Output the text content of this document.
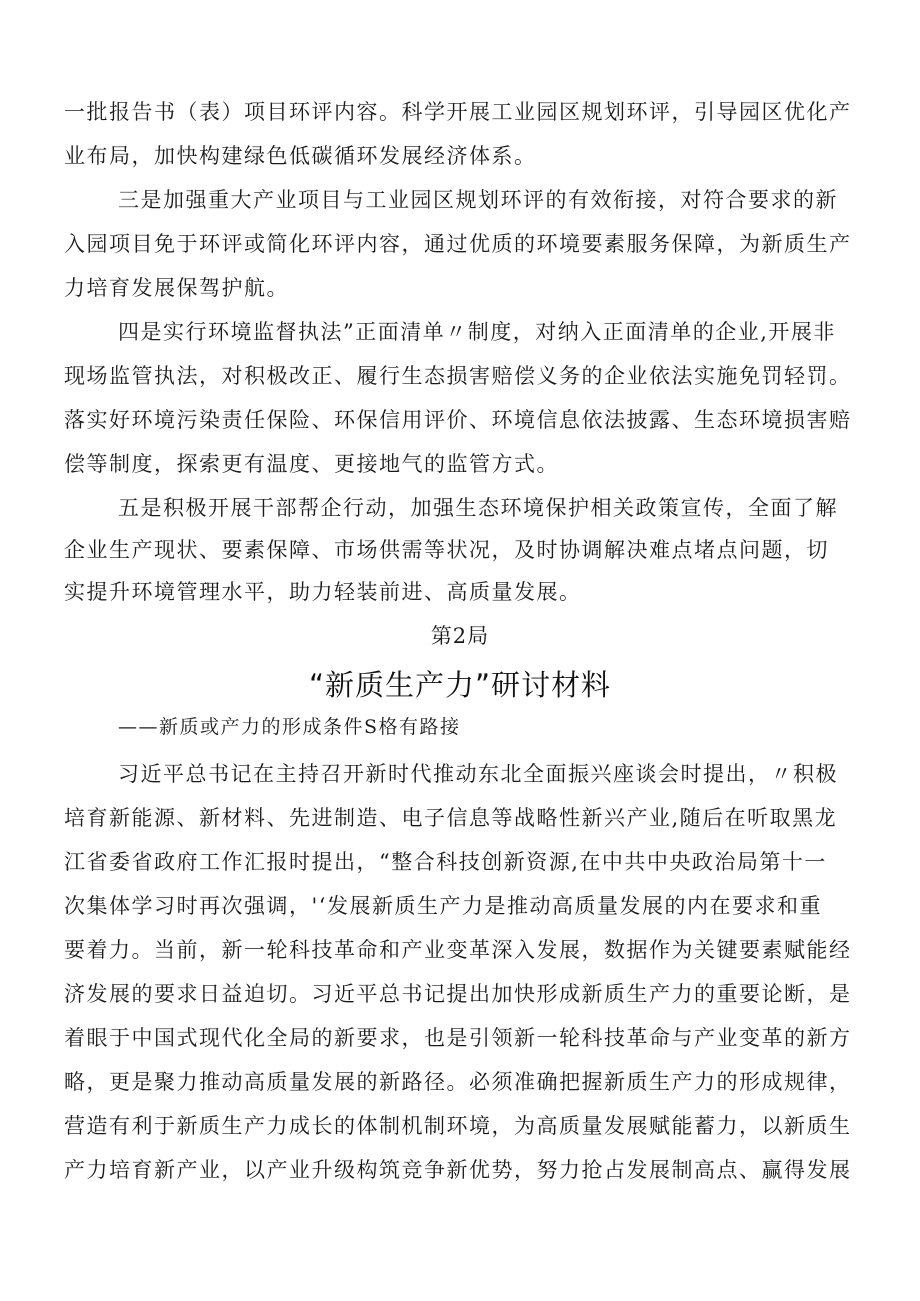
一批报告书（表）项目环评内容。科学开展工业园区规划环评，引导园区优化产
业布局，加快构建绿色低碳循环发展经济体系。
三是加强重大产业项目与工业园区规划环评的有效衔接，对符合要求的新
入园项目免于环评或简化环评内容，通过优质的环境要素服务保障，为新质生产
力培育发展保驾护航。
四是实行环境监督执法”正面清单〃制度，对纳入正面清单的企业,开展非
现场监管执法，对积极改正、履行生态损害赔偿义务的企业依法实施免罚轻罚。
落实好环境污染责任保险、环保信用评价、环境信息依法披露、生态环境损害赔
偿等制度，探索更有温度、更接地气的监管方式。
五是积极开展干部帮企行动，加强生态环境保护相关政策宣传，全面了解
企业生产现状、要素保障、市场供需等状况，及时协调解决难点堵点问题，切
实提升环境管理水平，助力轻装前进、高质量发展。
第2局
“新质生产力”研讨材料
——新质或产力的形成条件S格有路接
习近平总书记在主持召开新时代推动东北全面振兴座谈会时提出，〃积极
培育新能源、新材料、先进制造、电子信息等战略性新兴产业,随后在听取黑龙
江省委省政府工作汇报时提出，“整合科技创新资源,在中共中央政治局第十一
次集体学习时再次强调，'‘发展新质生产力是推动高质量发展的内在要求和重
要着力。当前，新一轮科技革命和产业变革深入发展，数据作为关键要素赋能经
济发展的要求日益迫切。习近平总书记提出加快形成新质生产力的重要论断，是
着眼于中国式现代化全局的新要求，也是引领新一轮科技革命与产业变革的新方
略，更是聚力推动高质量发展的新路径。必须准确把握新质生产力的形成规律，
营造有利于新质生产力成长的体制机制环境，为高质量发展赋能蓄力，以新质生
产力培育新产业，以产业升级构筑竞争新优势，努力抢占发展制高点、赢得发展
